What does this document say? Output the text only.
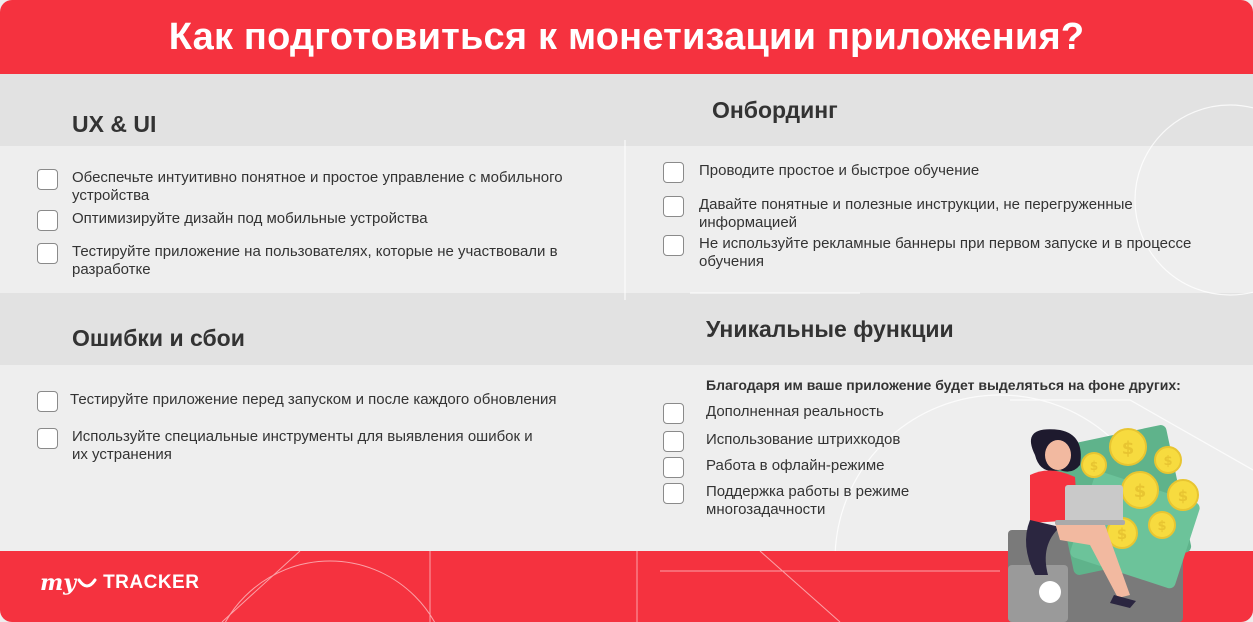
Как подготовиться к монетизации приложения?
UX & UI
Обеспечьте интуитивно понятное и простое управление с мобильного устройства
Оптимизируйте дизайн под мобильные устройства
Тестируйте приложение на пользователях, которые не участвовали в разработке
Онбординг
Проводите простое и быстрое обучение
Давайте понятные и полезные инструкции, не перегруженные информацией
Не используйте рекламные баннеры при первом запуске и в процессе обучения
Ошибки и сбои
Тестируйте приложение перед запуском и после каждого обновления
Используйте специальные инструменты для выявления ошибок и их устранения
Уникальные функции
Благодаря им ваше приложение будет выделяться на фоне других:
Дополненная реальность
Использование штрихкодов
Работа в офлайн-режиме
Поддержка работы в режиме многозадачности
my TRACKER
$
$
$
$ $
$ $
